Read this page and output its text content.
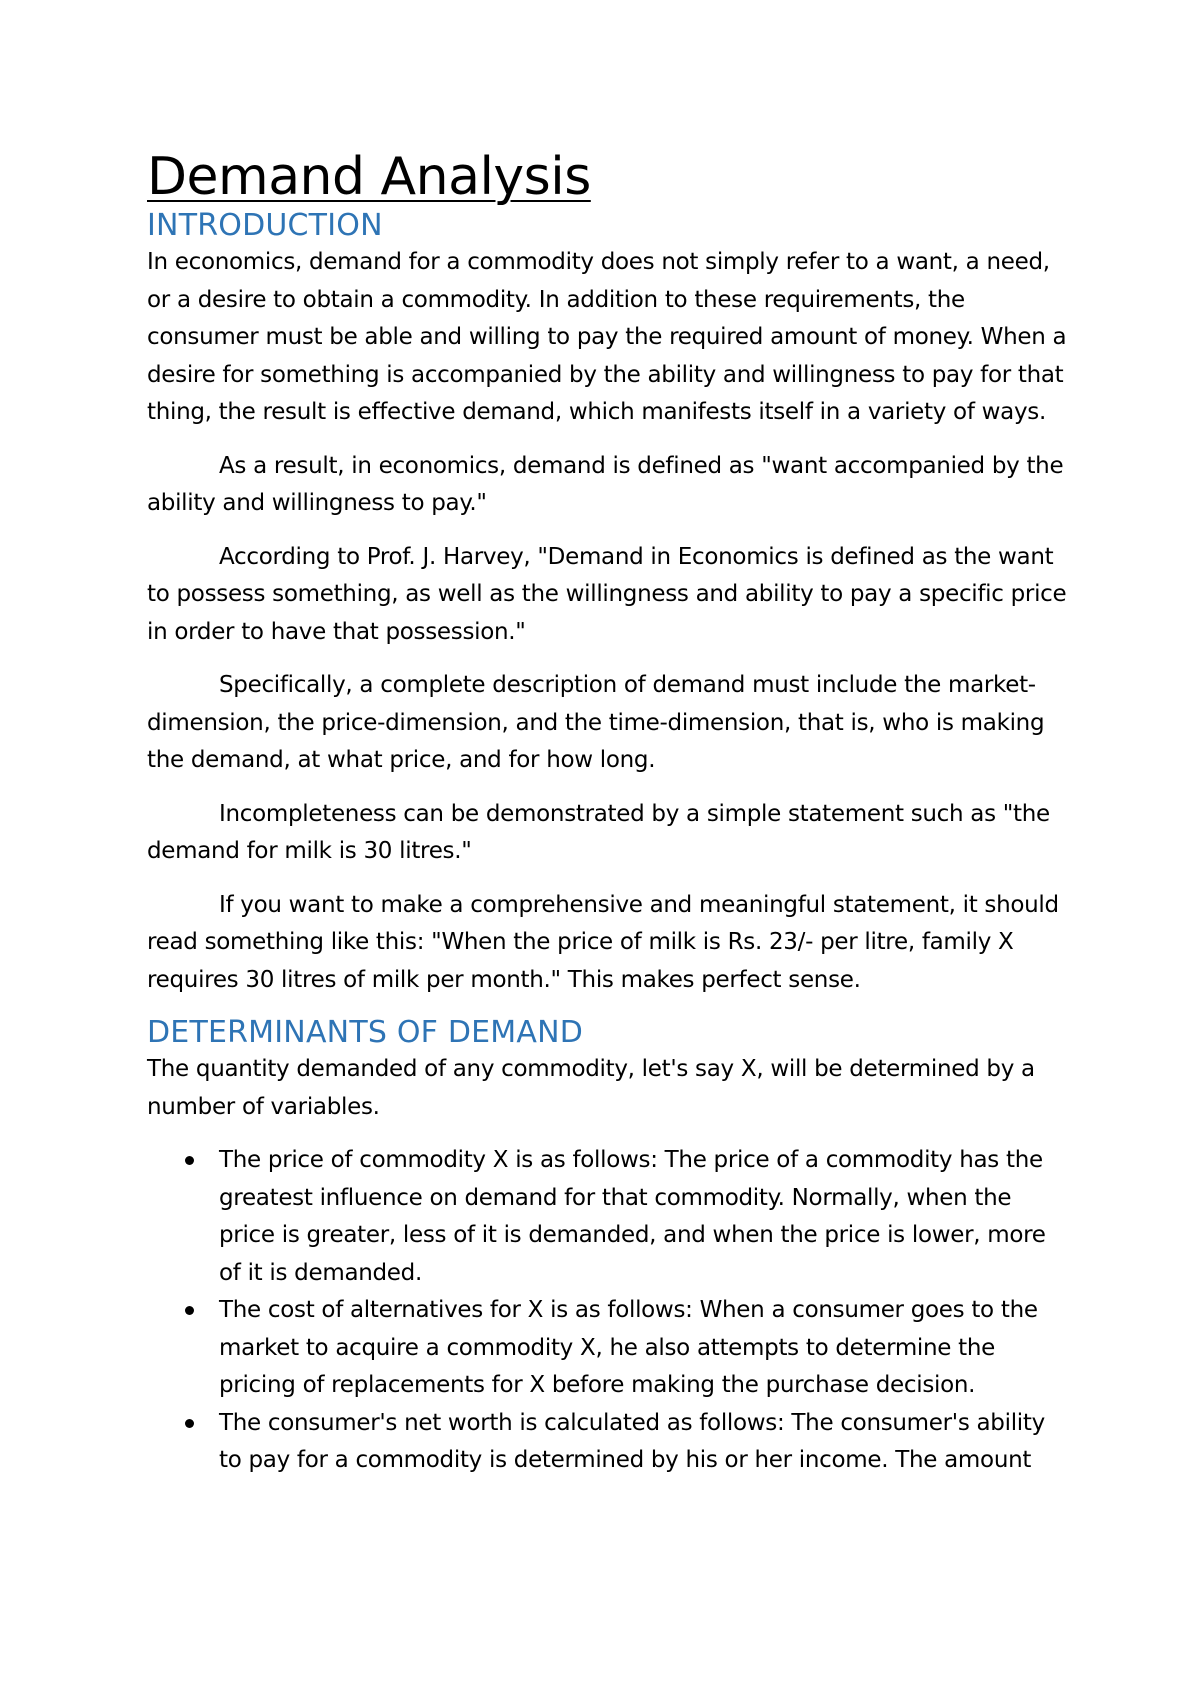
Demand Analysis
INTRODUCTION

In economics, demand for a commodity does not simply refer to a want, a need, or a desire to obtain a commodity. In addition to these requirements, the consumer must be able and willing to pay the required amount of money. When a desire for something is accompanied by the ability and willingness to pay for that thing, the result is effective demand, which manifests itself in a variety of ways.

As a result, in economics, demand is defined as "want accompanied by the ability and willingness to pay."

According to Prof. J. Harvey, "Demand in Economics is defined as the want to possess something, as well as the willingness and ability to pay a specific price in order to have that possession."

Specifically, a complete description of demand must include the market-dimension, the price-dimension, and the time-dimension, that is, who is making the demand, at what price, and for how long.

Incompleteness can be demonstrated by a simple statement such as "the demand for milk is 30 litres."

If you want to make a comprehensive and meaningful statement, it should read something like this: "When the price of milk is Rs. 23/- per litre, family X requires 30 litres of milk per month." This makes perfect sense.

DETERMINANTS OF DEMAND

The quantity demanded of any commodity, let's say X, will be determined by a number of variables.

The price of commodity X is as follows: The price of a commodity has the greatest influence on demand for that commodity. Normally, when the price is greater, less of it is demanded, and when the price is lower, more of it is demanded.
The cost of alternatives for X is as follows: When a consumer goes to the market to acquire a commodity X, he also attempts to determine the pricing of replacements for X before making the purchase decision.
The consumer's net worth is calculated as follows: The consumer's ability to pay for a commodity is determined by his or her income. The amount
